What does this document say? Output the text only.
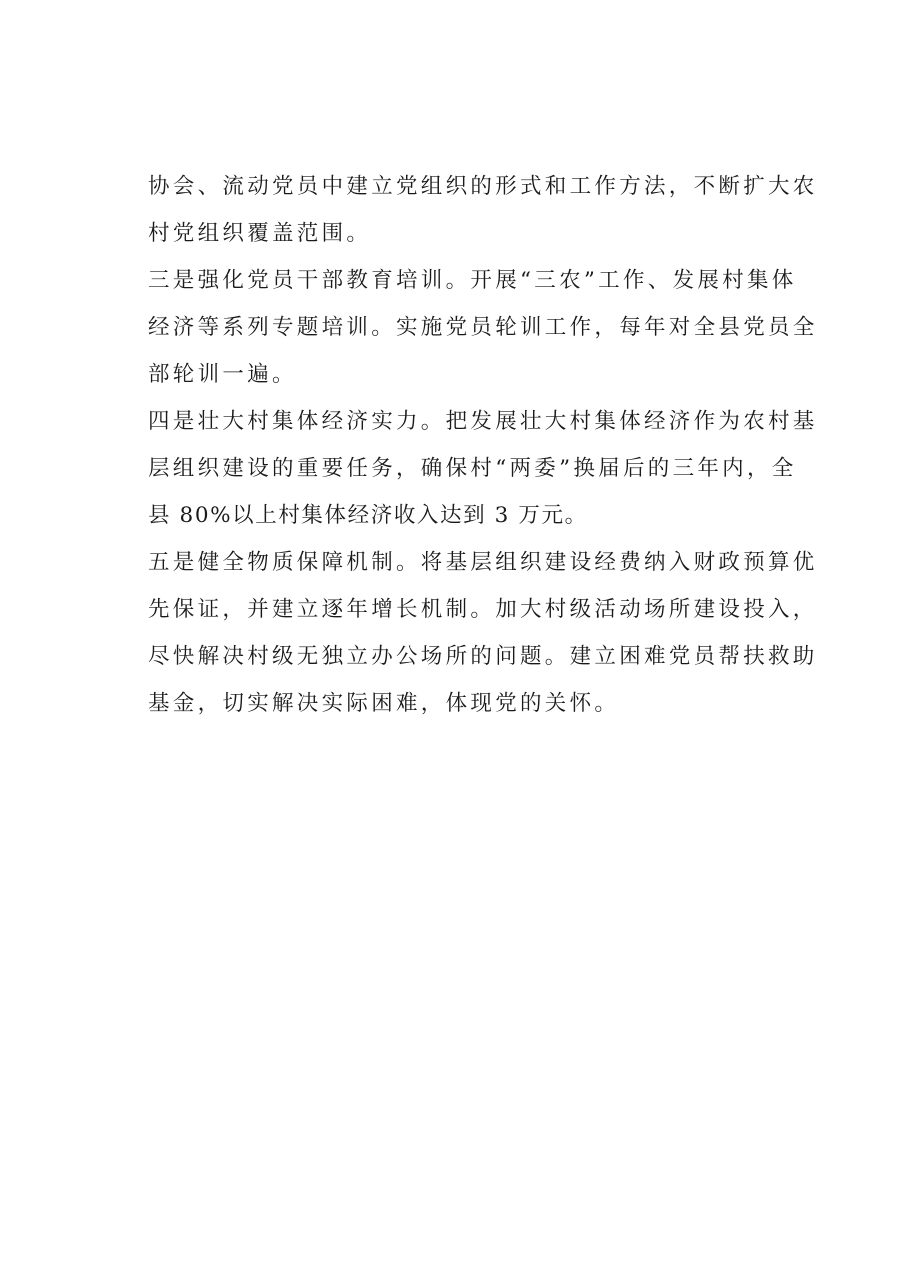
协会、流动党员中建立党组织的形式和工作方法，不断扩大农
村党组织覆盖范围。
三是强化党员干部教育培训。开展“三农”工作、发展村集体
经济等系列专题培训。实施党员轮训工作，每年对全县党员全
部轮训一遍。
四是壮大村集体经济实力。把发展壮大村集体经济作为农村基
层组织建设的重要任务，确保村“两委”换届后的三年内，全
县 80%以上村集体经济收入达到 3 万元。
五是健全物质保障机制。将基层组织建设经费纳入财政预算优
先保证，并建立逐年增长机制。加大村级活动场所建设投入，
尽快解决村级无独立办公场所的问题。建立困难党员帮扶救助
基金，切实解决实际困难，体现党的关怀。
